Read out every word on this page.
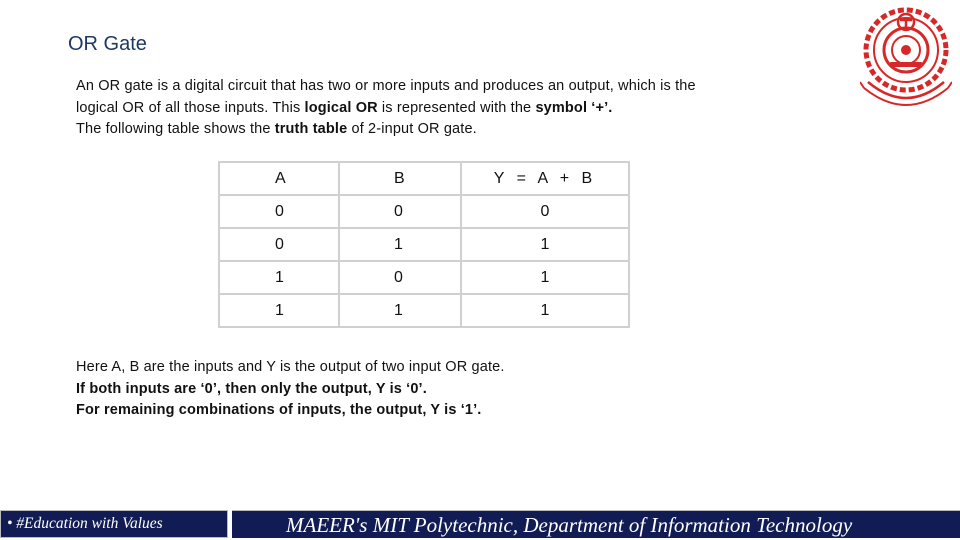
OR Gate
An OR gate is a digital circuit that has two or more inputs and produces an output, which is the
logical OR of all those inputs. This logical OR is represented with the symbol ‘+’.
The following table shows the truth table of 2-input OR gate.
A	B	Y = A + B
0	0	0
0	1	1
1	0	1
1	1	1
Here A, B are the inputs and Y is the output of two input OR gate.
If both inputs are ‘0’, then only the output, Y is ‘0’.
For remaining combinations of inputs, the output, Y is ‘1’.
• #Education with Values	MAEER's MIT Polytechnic, Department of Information Technology
